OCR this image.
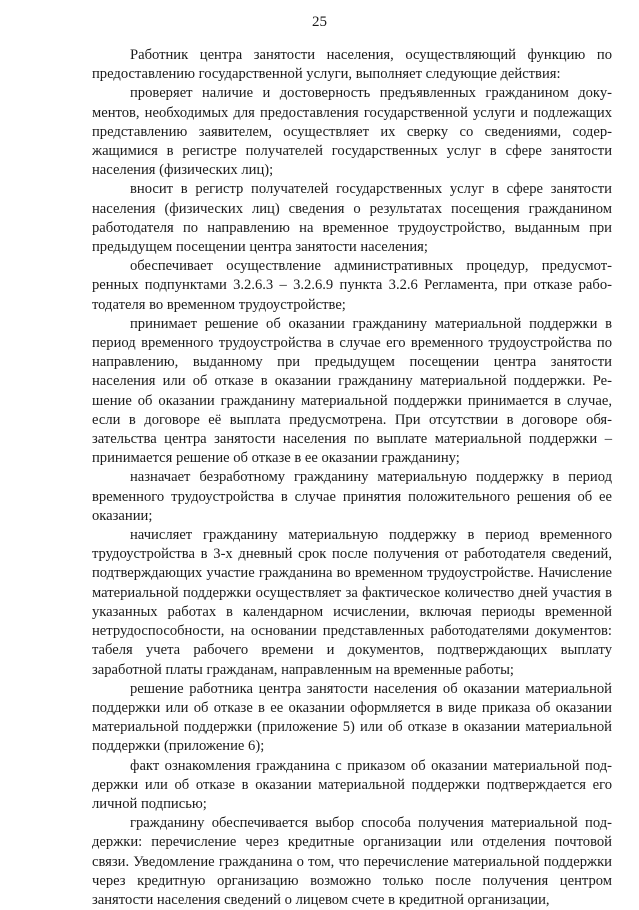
25

Работник центра занятости населения, осуществляющий функцию по предоставлению государственной услуги, выполняет следующие действия:

проверяет наличие и достоверность предъявленных гражданином документов, необходимых для предоставления государственной услуги и подлежащих представлению заявителем, осуществляет их сверку со сведениями, содержащимися в регистре получателей государственных услуг в сфере занятости населения (физических лиц);

вносит в регистр получателей государственных услуг в сфере занятости населения (физических лиц) сведения о результатах посещения гражданином работодателя по направлению на временное трудоустройство, выданным при предыдущем посещении центра занятости населения;

обеспечивает осуществление административных процедур, предусмотренных подпунктами 3.2.6.3 – 3.2.6.9 пункта 3.2.6 Регламента, при отказе работодателя во временном трудоустройстве;

принимает решение об оказании гражданину материальной поддержки в период временного трудоустройства в случае его временного трудоустройства по направлению, выданному при предыдущем посещении центра занятости населения или об отказе в оказании гражданину материальной поддержки. Решение об оказании гражданину материальной поддержки принимается в случае, если в договоре её выплата предусмотрена. При отсутствии в договоре обязательства центра занятости населения по выплате материальной поддержки – принимается решение об отказе в ее оказании гражданину;

назначает безработному гражданину материальную поддержку в период временного трудоустройства в случае принятия положительного решения об ее оказании;

начисляет гражданину материальную поддержку в период временного трудоустройства в 3-х дневный срок после получения от работодателя сведений, подтверждающих участие гражданина во временном трудоустройстве. Начисление материальной поддержки осуществляет за фактическое количество дней участия в указанных работах в календарном исчислении, включая периоды временной нетрудоспособности, на основании представленных работодателями документов: табеля учета рабочего времени и документов, подтверждающих выплату заработной платы гражданам, направленным на временные работы;

решение работника центра занятости населения об оказании материальной поддержки или об отказе в ее оказании оформляется в виде приказа об оказании материальной поддержки (приложение 5) или об отказе в оказании материальной поддержки (приложение 6);

факт ознакомления гражданина с приказом об оказании материальной поддержки или об отказе в оказании материальной поддержки подтверждается его личной подписью;

гражданину обеспечивается выбор способа получения материальной поддержки: перечисление через кредитные организации или отделения почтовой связи. Уведомление гражданина о том, что перечисление материальной поддержки через кредитную организацию возможно только после получения центром занятости населения сведений о лицевом счете в кредитной организации,
